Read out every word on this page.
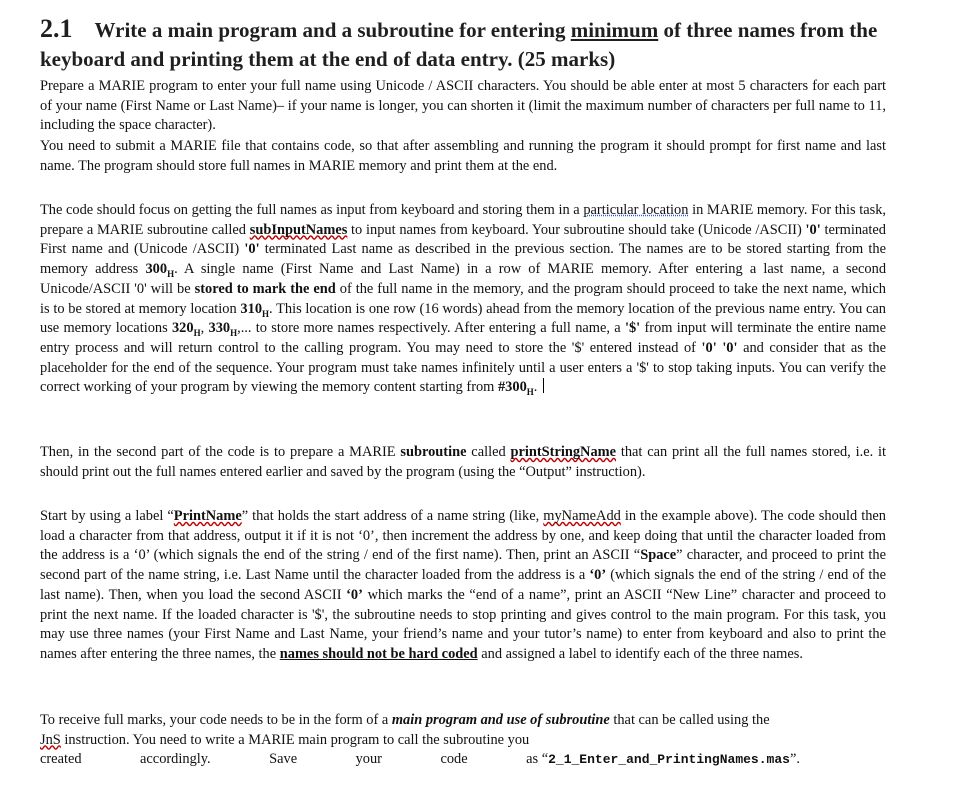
2.1 Write a main program and a subroutine for entering minimum of three names from the keyboard and printing them at the end of data entry. (25 marks)

Prepare a MARIE program to enter your full name using Unicode / ASCII characters. You should be able enter at most 5 characters for each part of your name (First Name or Last Name)– if your name is longer, you can shorten it (limit the maximum number of characters per full name to 11, including the space character).

You need to submit a MARIE file that contains code, so that after assembling and running the program it should prompt for first name and last name. The program should store full names in MARIE memory and print them at the end.

The code should focus on getting the full names as input from keyboard and storing them in a particular location in MARIE memory. For this task, prepare a MARIE subroutine called subInputNames to input names from keyboard. Your subroutine should take (Unicode /ASCII) '0' terminated First name and (Unicode /ASCII) '0' terminated Last name as described in the previous section. The names are to be stored starting from the memory address $300_H$. A single name (First Name and Last Name) in a row of MARIE memory. After entering a last name, a second Unicode/ASCII '0' will be stored to mark the end of the full name in the memory, and the program should proceed to take the next name, which is to be stored at memory location $310_H$. This location is one row (16 words) ahead from the memory location of the previous name entry. You can use memory locations $320_H$, $330_H$,... to store more names respectively. After entering a full name, a '$' from input will terminate the entire name entry process and will return control to the calling program. You may need to store the '$' entered instead of '0' '0' and consider that as the placeholder for the end of the sequence. Your program must take names infinitely until a user enters a '$' to stop taking inputs. You can verify the correct working of your program by viewing the memory content starting from $\#300_H$.

Then, in the second part of the code is to prepare a MARIE subroutine called printStringName that can print all the full names stored, i.e. it should print out the full names entered earlier and saved by the program (using the “Output” instruction).

Start by using a label “PrintName” that holds the start address of a name string (like, myNameAdd in the example above). The code should then load a character from that address, output it if it is not ‘0’, then increment the address by one, and keep doing that until the character loaded from the address is a ‘0’ (which signals the end of the string / end of the first name). Then, print an ASCII “Space” character, and proceed to print the second part of the name string, i.e. Last Name until the character loaded from the address is a ‘0’ (which signals the end of the string / end of the last name). Then, when you load the second ASCII ‘0’ which marks the “end of a name”, print an ASCII “New Line” character and proceed to print the next name. If the loaded character is '$', the subroutine needs to stop printing and gives control to the main program. For this task, you may use three names (your First Name and Last Name, your friend’s name and your tutor’s name) to enter from keyboard and also to print the names after entering the three names, the names should not be hard coded and assigned a label to identify each of the three names.

To receive full marks, your code needs to be in the form of a main program and use of subroutine that can be called using the
JnS instruction. You need to write a MARIE main program to call the subroutine you
created	accordingly.	Save	your	code	as “2_1_Enter_and_PrintingNames.mas”.
